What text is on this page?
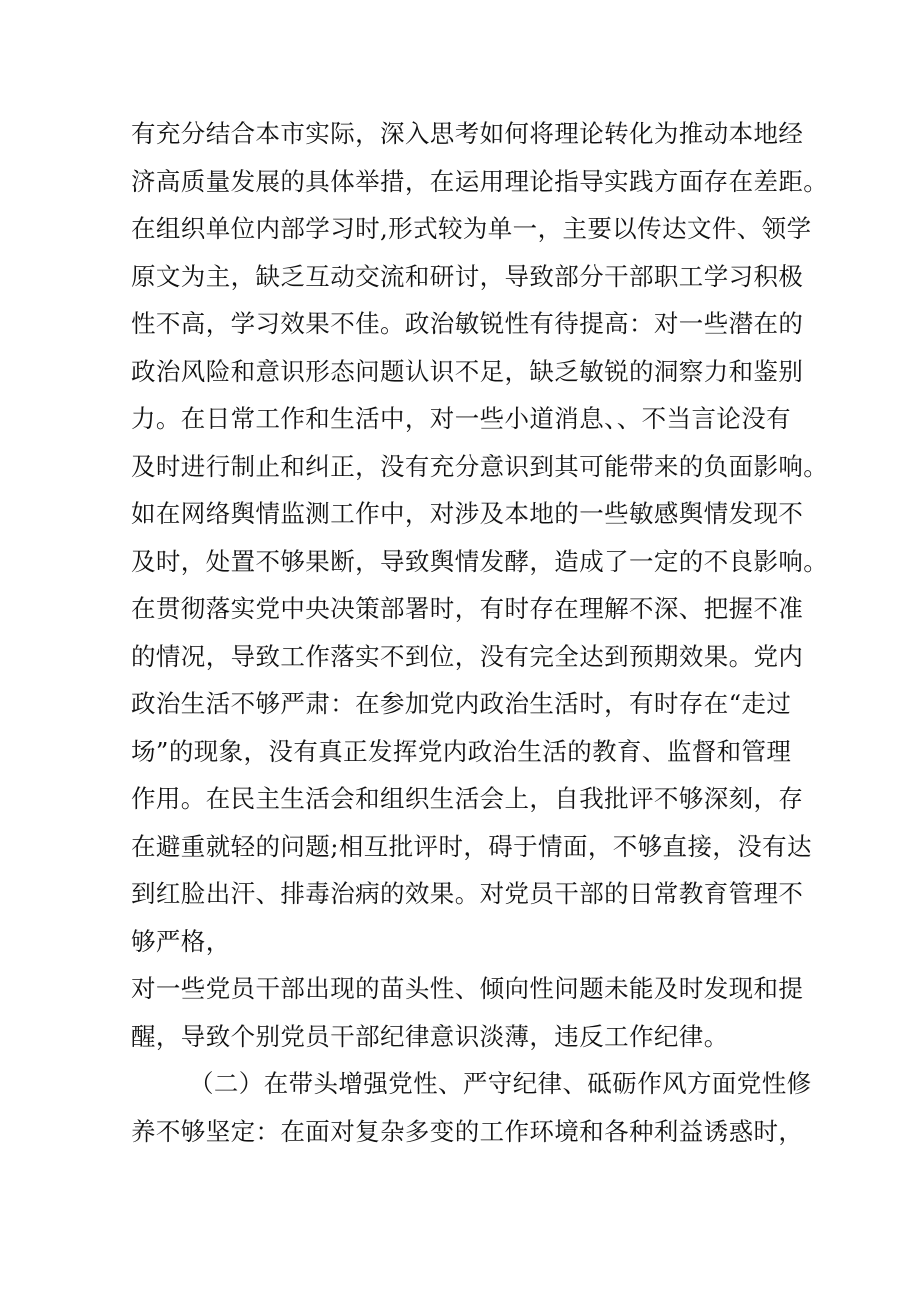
有充分结合本市实际，深入思考如何将理论转化为推动本地经
济高质量发展的具体举措，在运用理论指导实践方面存在差距。
在组织单位内部学习时,形式较为单一，主要以传达文件、领学
原文为主，缺乏互动交流和研讨，导致部分干部职工学习积极
性不高，学习效果不佳。政治敏锐性有待提高：对一些潜在的
政治风险和意识形态问题认识不足，缺乏敏锐的洞察力和鉴别
力。在日常工作和生活中，对一些小道消息、、不当言论没有
及时进行制止和纠正，没有充分意识到其可能带来的负面影响。
如在网络舆情监测工作中，对涉及本地的一些敏感舆情发现不
及时，处置不够果断，导致舆情发酵，造成了一定的不良影响。
在贯彻落实党中央决策部署时，有时存在理解不深、把握不准
的情况，导致工作落实不到位，没有完全达到预期效果。党内
政治生活不够严肃：在参加党内政治生活时，有时存在“走过
场”的现象，没有真正发挥党内政治生活的教育、监督和管理
作用。在民主生活会和组织生活会上，自我批评不够深刻，存
在避重就轻的问题;相互批评时，碍于情面，不够直接，没有达
到红脸出汗、排毒治病的效果。对党员干部的日常教育管理不
够严格，
对一些党员干部出现的苗头性、倾向性问题未能及时发现和提
醒，导致个别党员干部纪律意识淡薄，违反工作纪律。
（二）在带头增强党性、严守纪律、砥砺作风方面党性修
养不够坚定：在面对复杂多变的工作环境和各种利益诱惑时，
